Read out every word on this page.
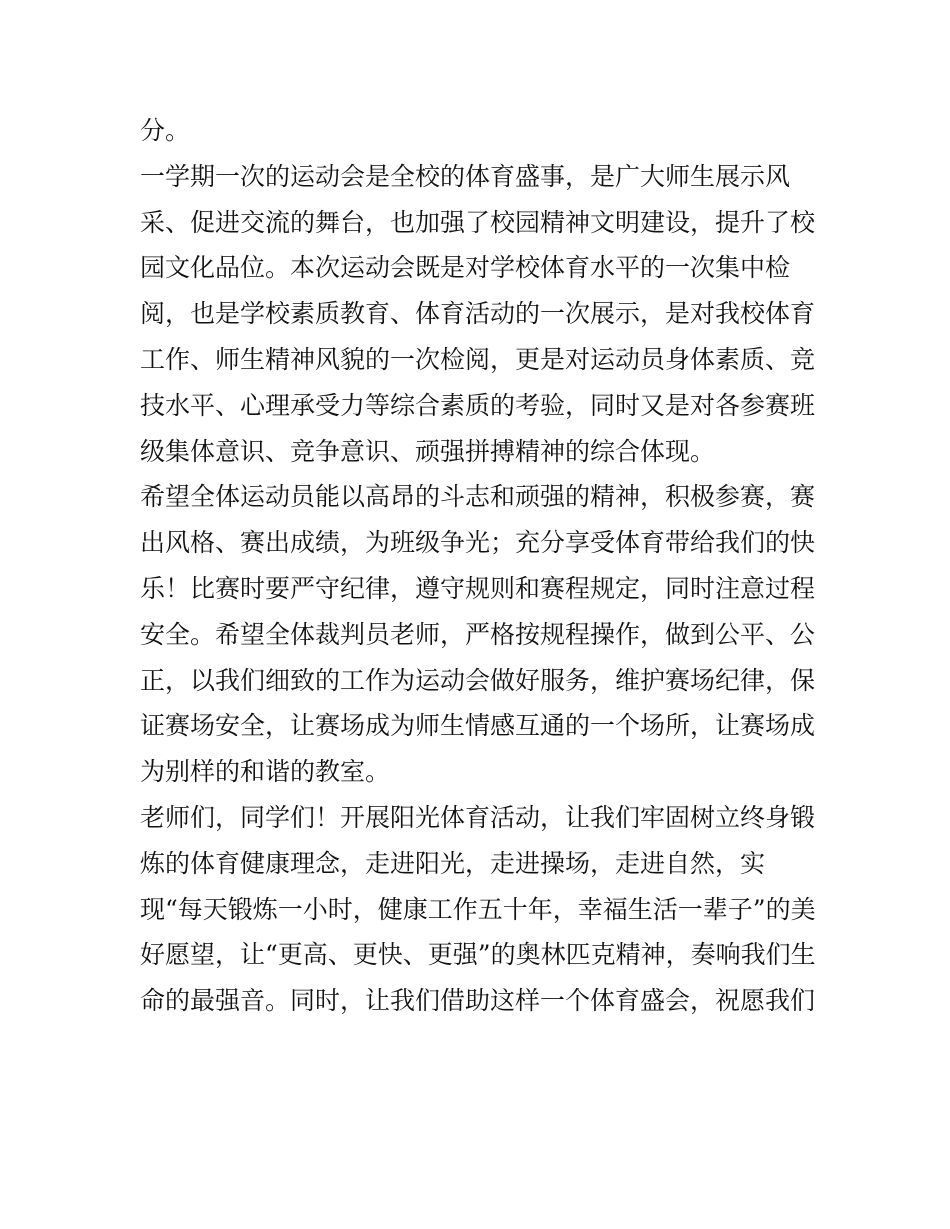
分。
一学期一次的运动会是全校的体育盛事，是广大师生展示风
采、促进交流的舞台，也加强了校园精神文明建设，提升了校
园文化品位。本次运动会既是对学校体育水平的一次集中检
阅，也是学校素质教育、体育活动的一次展示，是对我校体育
工作、师生精神风貌的一次检阅，更是对运动员身体素质、竞
技水平、心理承受力等综合素质的考验，同时又是对各参赛班
级集体意识、竞争意识、顽强拼搏精神的综合体现。
希望全体运动员能以高昂的斗志和顽强的精神，积极参赛，赛
出风格、赛出成绩，为班级争光；充分享受体育带给我们的快
乐！比赛时要严守纪律，遵守规则和赛程规定，同时注意过程
安全。希望全体裁判员老师，严格按规程操作，做到公平、公
正，以我们细致的工作为运动会做好服务，维护赛场纪律，保
证赛场安全，让赛场成为师生情感互通的一个场所，让赛场成
为别样的和谐的教室。
老师们，同学们！开展阳光体育活动，让我们牢固树立终身锻
炼的体育健康理念，走进阳光，走进操场，走进自然，实
现“每天锻炼一小时，健康工作五十年，幸福生活一辈子”的美
好愿望，让“更高、更快、更强”的奥林匹克精神，奏响我们生
命的最强音。同时，让我们借助这样一个体育盛会，祝愿我们
